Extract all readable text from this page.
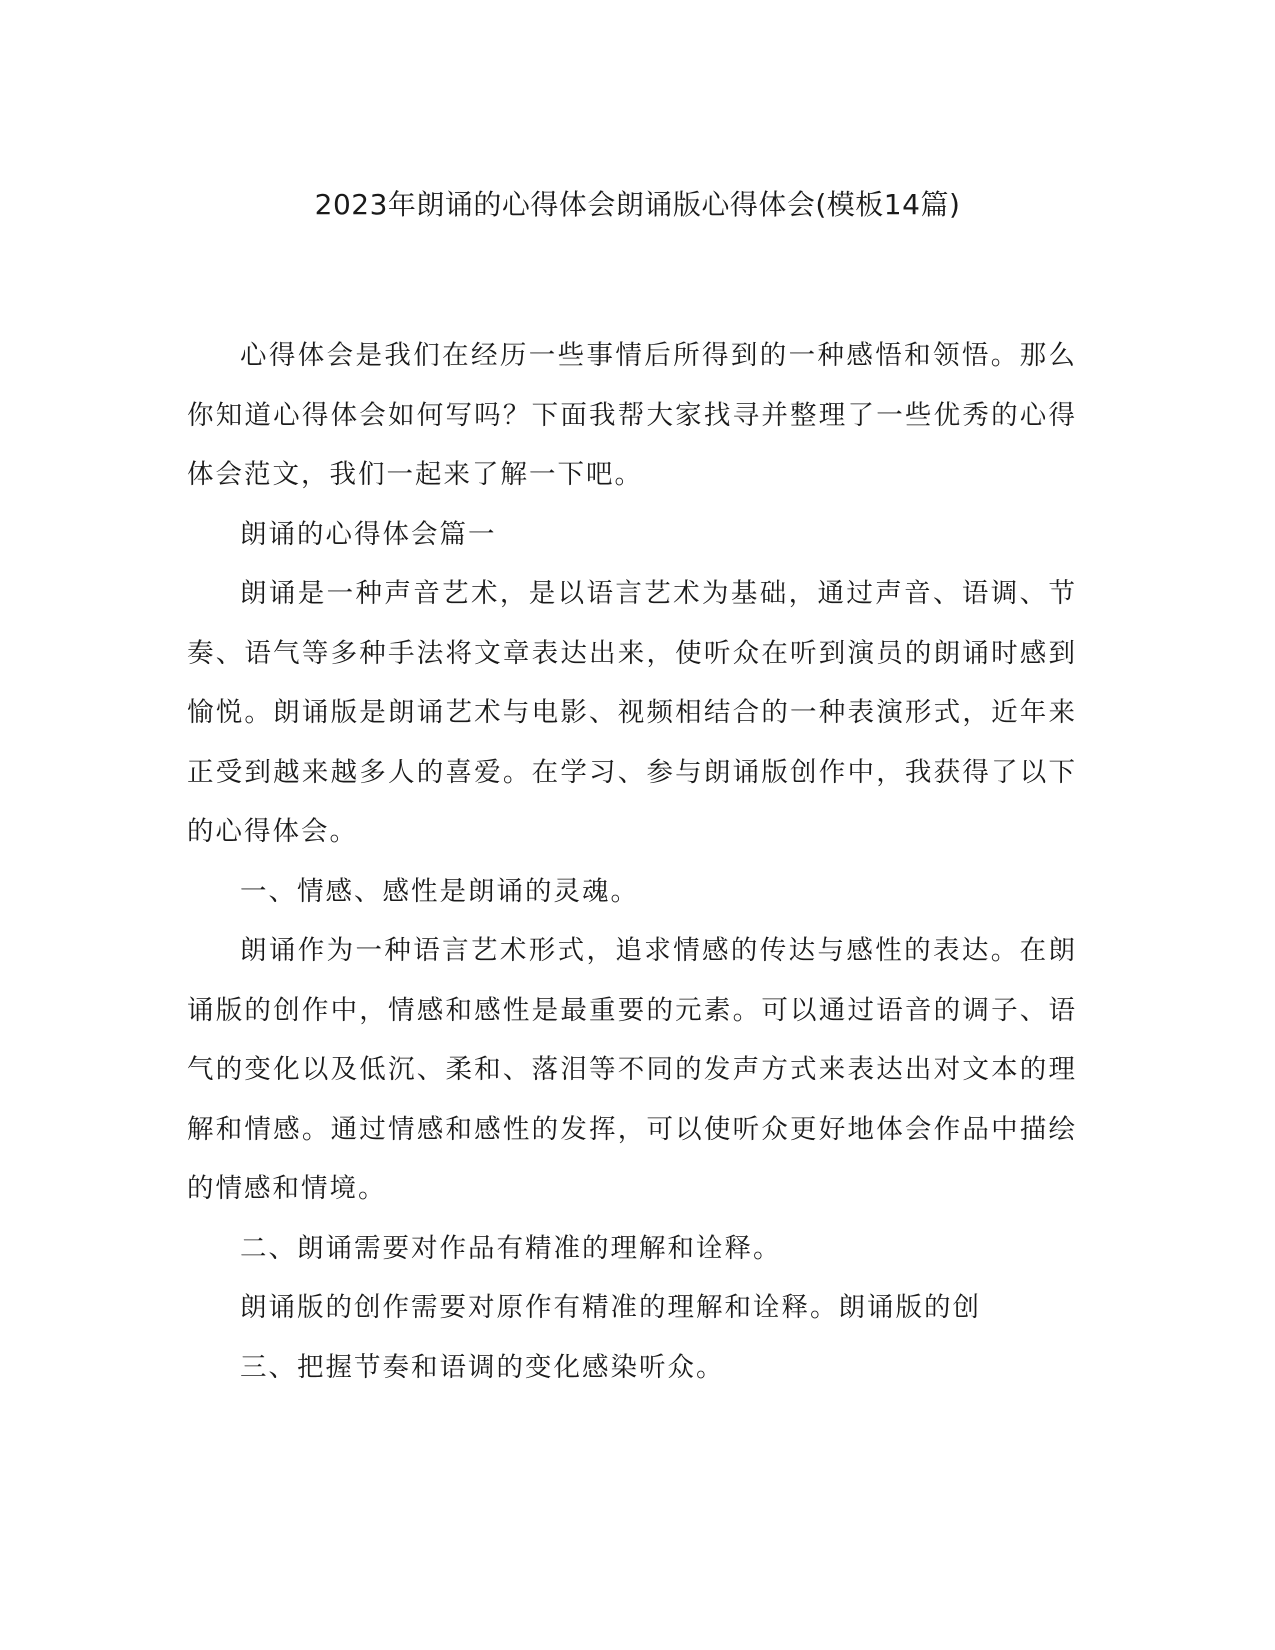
2023年朗诵的心得体会朗诵版心得体会(模板14篇)

心得体会是我们在经历一些事情后所得到的一种感悟和领悟。那么你知道心得体会如何写吗？下面我帮大家找寻并整理了一些优秀的心得体会范文，我们一起来了解一下吧。

朗诵的心得体会篇一

朗诵是一种声音艺术，是以语言艺术为基础，通过声音、语调、节奏、语气等多种手法将文章表达出来，使听众在听到演员的朗诵时感到愉悦。朗诵版是朗诵艺术与电影、视频相结合的一种表演形式，近年来正受到越来越多人的喜爱。在学习、参与朗诵版创作中，我获得了以下的心得体会。

一、情感、感性是朗诵的灵魂。

朗诵作为一种语言艺术形式，追求情感的传达与感性的表达。在朗诵版的创作中，情感和感性是最重要的元素。可以通过语音的调子、语气的变化以及低沉、柔和、落泪等不同的发声方式来表达出对文本的理解和情感。通过情感和感性的发挥，可以使听众更好地体会作品中描绘的情感和情境。

二、朗诵需要对作品有精准的理解和诠释。

朗诵版的创作需要对原作有精准的理解和诠释。朗诵版的创

三、把握节奏和语调的变化感染听众。
